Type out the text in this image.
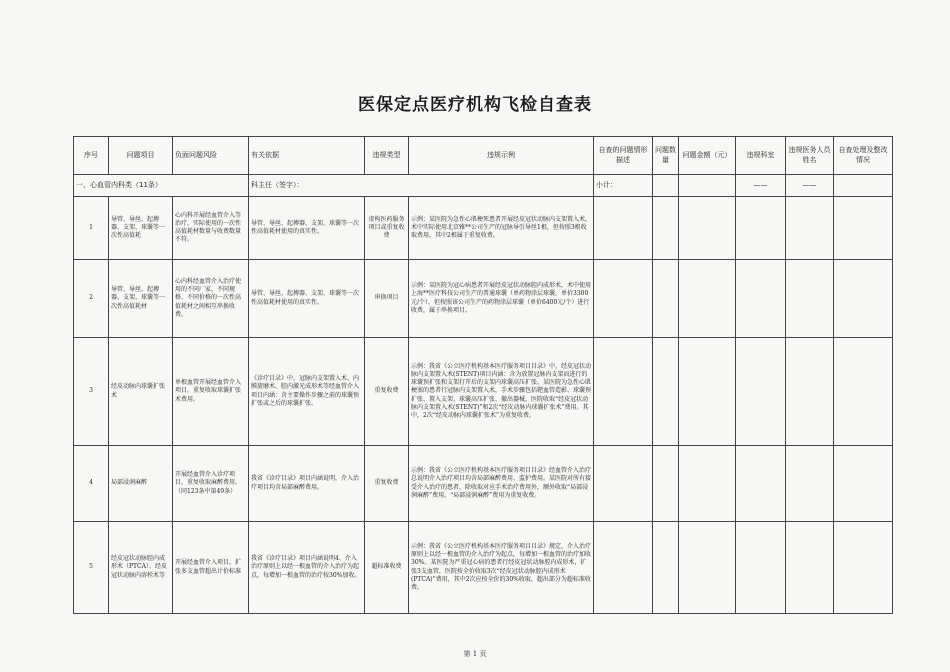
医保定点医疗机构飞检自查表
序号	问题项目	负面问题风险	有关依据	违规类型	违规示例	自查的问题情形描述	问题数量	问题金额（元）	违规科室	违规医务人员姓名	自查处理及整改情况
一、心血管内科类（11条）			科主任（签字）：			小计：			——	——	
1	导管、导丝、起搏器、支架、球囊等一次性高值耗	心内科开展经血管介入等治疗，实际使用的一次性高值耗材数量与收费数量不符。	导管、导丝、起搏器、支架、球囊等一次性高值耗材使用的真实性。	虚构医药服务项目或重复收费	示例：某医院为急性心肌梗死患者开展经皮冠状动脉内支架置入术，术中实际使用北京雅**公司生产的冠脉导引导丝1根，但按照3根收取费用，其中2根属于重复收费。						
2	导管、导丝、起搏器、支架、球囊等一次性高值耗材	心内科经血管介入治疗使用的不同厂家、不同规格、不同价格的一次性高值耗材之间相互串换收费。	导管、导丝、起搏器、支架、球囊等一次性高值耗材使用的真实性。	串换项目	示例：某医院为冠心病患者开展经皮冠状动脉腔内成形术，术中使用上海**医疗科技公司生产的普通球囊（单药物涂层球囊，单价3300元/个），但按照该公司生产的药物涂层球囊（单价6400元/个）进行收费，属于串换项目。						
3	经皮动脉内球囊扩张术	单根血管开展经血管介入项目，重复收取球囊扩张术费用。	《诊疗目录》中，冠脉内支架置入术、内膜旋磨术、腔内激光成形术等经血管介入项目内涵：含主要操作步骤之前的球囊预扩张或之后的球囊扩张。	重复收费	示例：我省《公立医疗机构基本医疗服务项目目录》中，经皮冠状动脉内支架置入术(STENT)项目内涵：含为放置冠脉内支架而进行的球囊预扩张和支架打开后的支架内球囊高压扩张。某医院为急性心肌梗塞的患者行冠脉内支架置入术，手术步骤包括靶血管造影、球囊预扩张、置入支架、球囊高压扩张、撤出器械，医院收取“经皮冠状动脉内支架置入术(STENT)”和2次“经皮动脉内球囊扩张术”费用。其中，2次“经皮动脉内球囊扩张术”为重复收费。						
4	局部浸润麻醉	开展经血管介入诊疗项目，重复收取麻醉费用。（同123条中第49条）	我省《诊疗目录》项目内涵说明，介入治疗项目均含局部麻醉费用。	重复收费	示例：我省《公立医疗机构基本医疗服务项目目录》经血管介入治疗总说明介入治疗项目均含局部麻醉费用、监护费用。某医院对所有接受介入治疗的患者，除收取对应手术治疗费用外，额外收取“局部浸润麻醉”费用，“局部浸润麻醉”费用为重复收费。						
5	经皮冠状动脉腔内成形术（PTCA）、经皮冠状动脉内溶栓术等	开展经血管介入项目，扩张多支血管超出计价标准	我省《诊疗目录》项目内涵说明4、介入治疗原则上以经一根血管的介入治疗为起点，每增加一根血管的治疗按30%加收。	超标准收费	示例：我省《公立医疗机构基本医疗服务项目目录》规定，介入治疗原则上以经一根血管的介入治疗为起点，每增加一根血管的治疗加收30%。某医院为严重冠心病的患者行经皮冠状动脉腔内成形术，扩张3支血管，医院按全价收取3次“经皮冠状动脉腔内成形术(PTCA)”费用，其中2次应按全价的30%收取，超出部分为超标准收费。						
第 1 页
